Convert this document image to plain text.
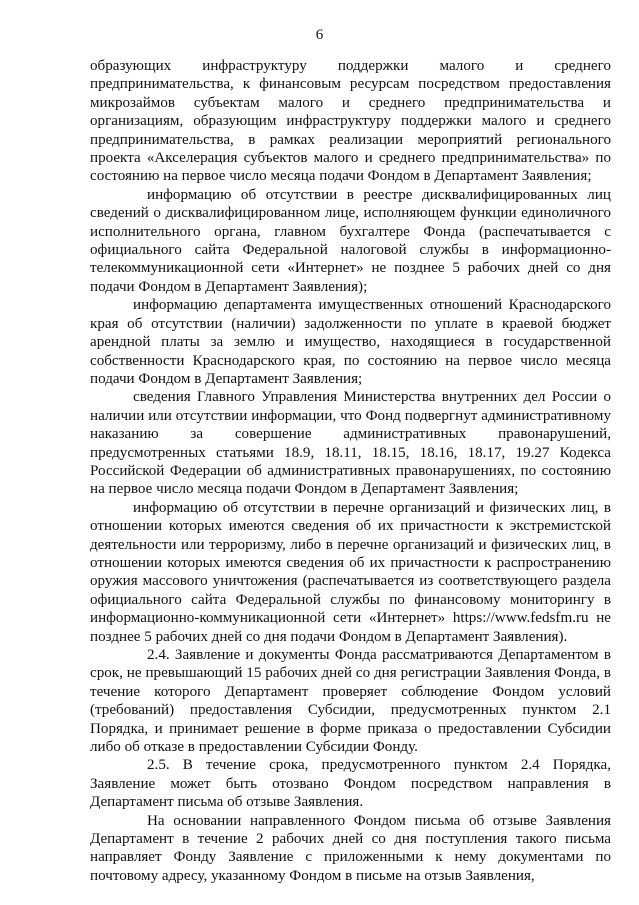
6

образующих инфраструктуру поддержки малого и среднего предпринимательства, к финансовым ресурсам посредством предоставления микрозаймов субъектам малого и среднего предпринимательства и организациям, образующим инфраструктуру поддержки малого и среднего предпринимательства, в рамках реализации мероприятий регионального проекта «Акселерация субъектов малого и среднего предпринимательства» по состоянию на первое число месяца подачи Фондом в Департамент Заявления;

информацию об отсутствии в реестре дисквалифицированных лиц сведений о дисквалифицированном лице, исполняющем функции единоличного исполнительного органа, главном бухгалтере Фонда (распечатывается с официального сайта Федеральной налоговой службы в информационно-телекоммуникационной сети «Интернет» не позднее 5 рабочих дней со дня подачи Фондом в Департамент Заявления);

информацию департамента имущественных отношений Краснодарского края об отсутствии (наличии) задолженности по уплате в краевой бюджет арендной платы за землю и имущество, находящиеся в государственной собственности Краснодарского края, по состоянию на первое число месяца подачи Фондом в Департамент Заявления;

сведения Главного Управления Министерства внутренних дел России о наличии или отсутствии информации, что Фонд подвергнут административному наказанию за совершение административных правонарушений, предусмотренных статьями 18.9, 18.11, 18.15, 18.16, 18.17, 19.27 Кодекса Российской Федерации об административных правонарушениях, по состоянию на первое число месяца подачи Фондом в Департамент Заявления;

информацию об отсутствии в перечне организаций и физических лиц, в отношении которых имеются сведения об их причастности к экстремистской деятельности или терроризму, либо в перечне организаций и физических лиц, в отношении которых имеются сведения об их причастности к распространению оружия массового уничтожения (распечатывается из соответствующего раздела официального сайта Федеральной службы по финансовому мониторингу в информационно-коммуникационной сети «Интернет» https://www.fedsfm.ru не позднее 5 рабочих дней со дня подачи Фондом в Департамент Заявления).

2.4. Заявление и документы Фонда рассматриваются Департаментом в срок, не превышающий 15 рабочих дней со дня регистрации Заявления Фонда, в течение которого Департамент проверяет соблюдение Фондом условий (требований) предоставления Субсидии, предусмотренных пунктом 2.1 Порядка, и принимает решение в форме приказа о предоставлении Субсидии либо об отказе в предоставлении Субсидии Фонду.

2.5. В течение срока, предусмотренного пунктом 2.4 Порядка, Заявление может быть отозвано Фондом посредством направления в Департамент письма об отзыве Заявления.

На основании направленного Фондом письма об отзыве Заявления Департамент в течение 2 рабочих дней со дня поступления такого письма направляет Фонду Заявление с приложенными к нему документами по почтовому адресу, указанному Фондом в письме на отзыв Заявления,
